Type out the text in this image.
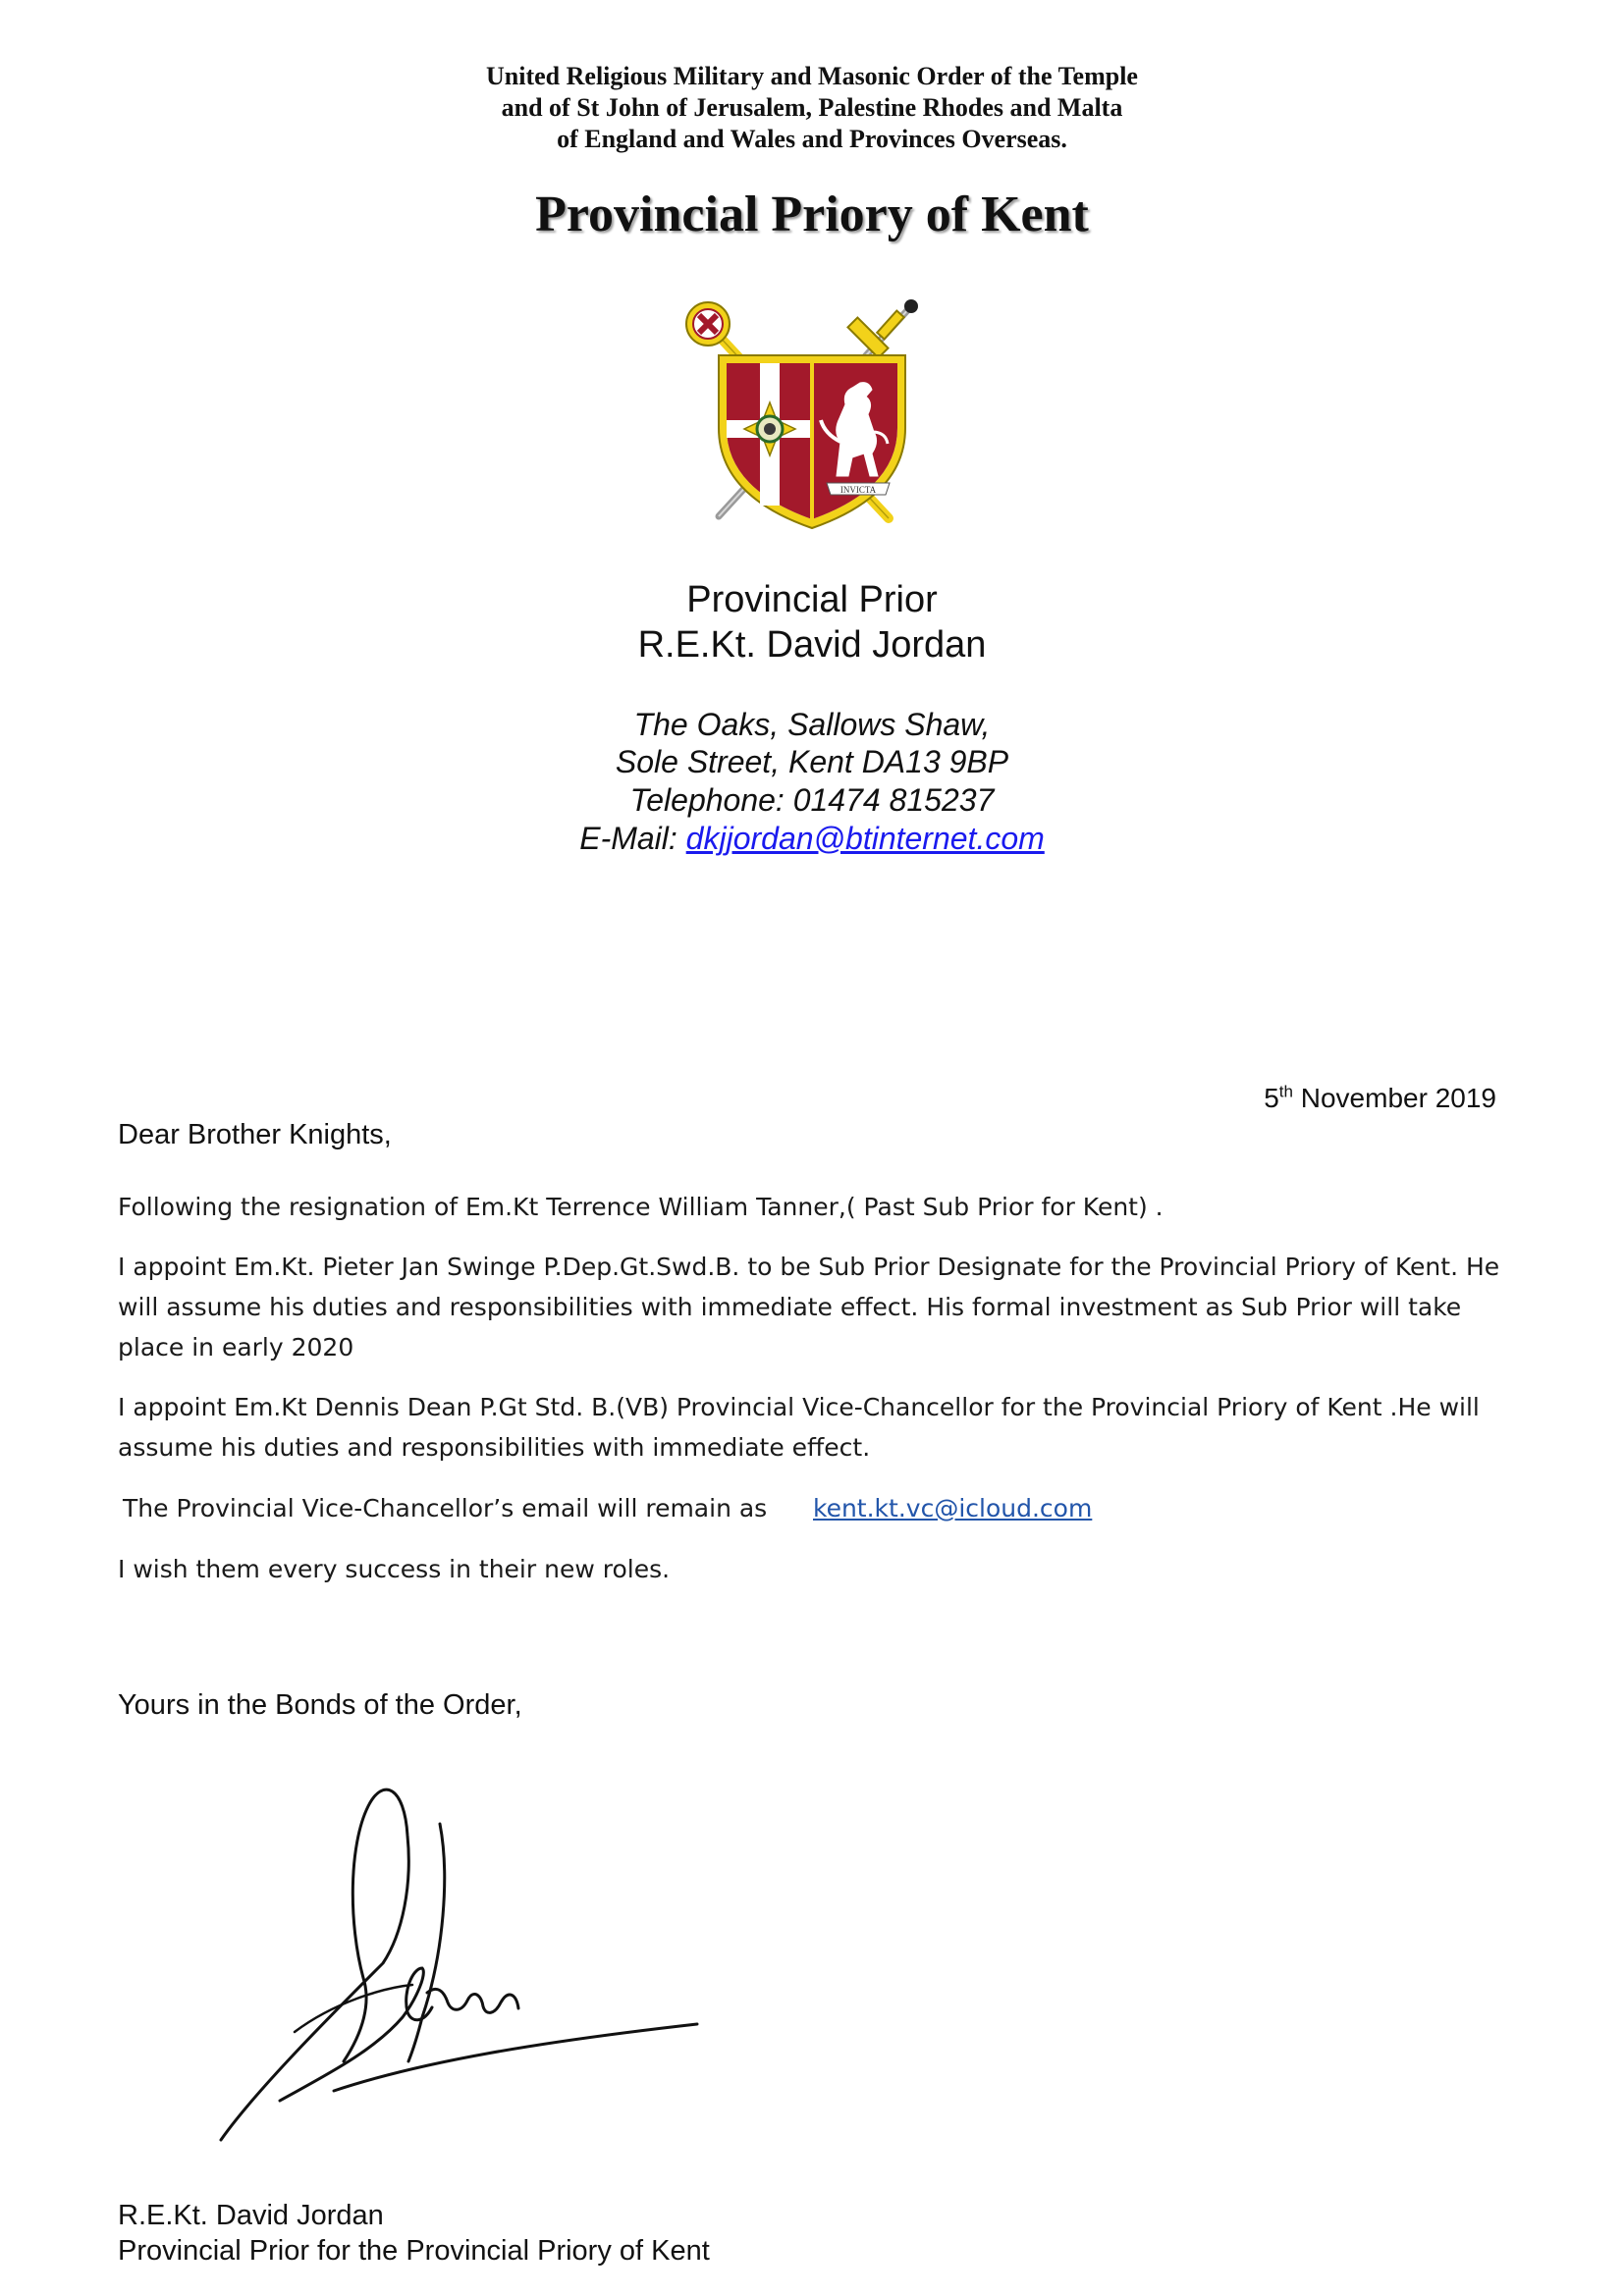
United Religious Military and Masonic Order of the Temple
and of St John of Jerusalem, Palestine Rhodes and Malta
of England and Wales and Provinces Overseas.
Provincial Priory of Kent
INVICTA
Provincial Prior
R.E.Kt. David Jordan
The Oaks, Sallows Shaw,
Sole Street, Kent DA13 9BP
Telephone: 01474 815237
E-Mail: dkjjordan@btinternet.com
5th November 2019
Dear Brother Knights,
Following the resignation of Em.Kt Terrence William Tanner,( Past Sub Prior for Kent) .
I appoint Em.Kt. Pieter Jan Swinge P.Dep.Gt.Swd.B. to be Sub Prior Designate for the Provincial Priory of Kent. He will assume his duties and responsibilities with immediate effect. His formal investment as Sub Prior will take place in early 2020
I appoint Em.Kt Dennis Dean P.Gt Std. B.(VB) Provincial Vice-Chancellor for the Provincial Priory of Kent .He will assume his duties and responsibilities with immediate effect.
The Provincial Vice-Chancellor’s email will remain as	kent.kt.vc@icloud.com
I wish them every success in their new roles.
Yours in the Bonds of the Order,
R.E.Kt. David Jordan
Provincial Prior for the Provincial Priory of Kent
